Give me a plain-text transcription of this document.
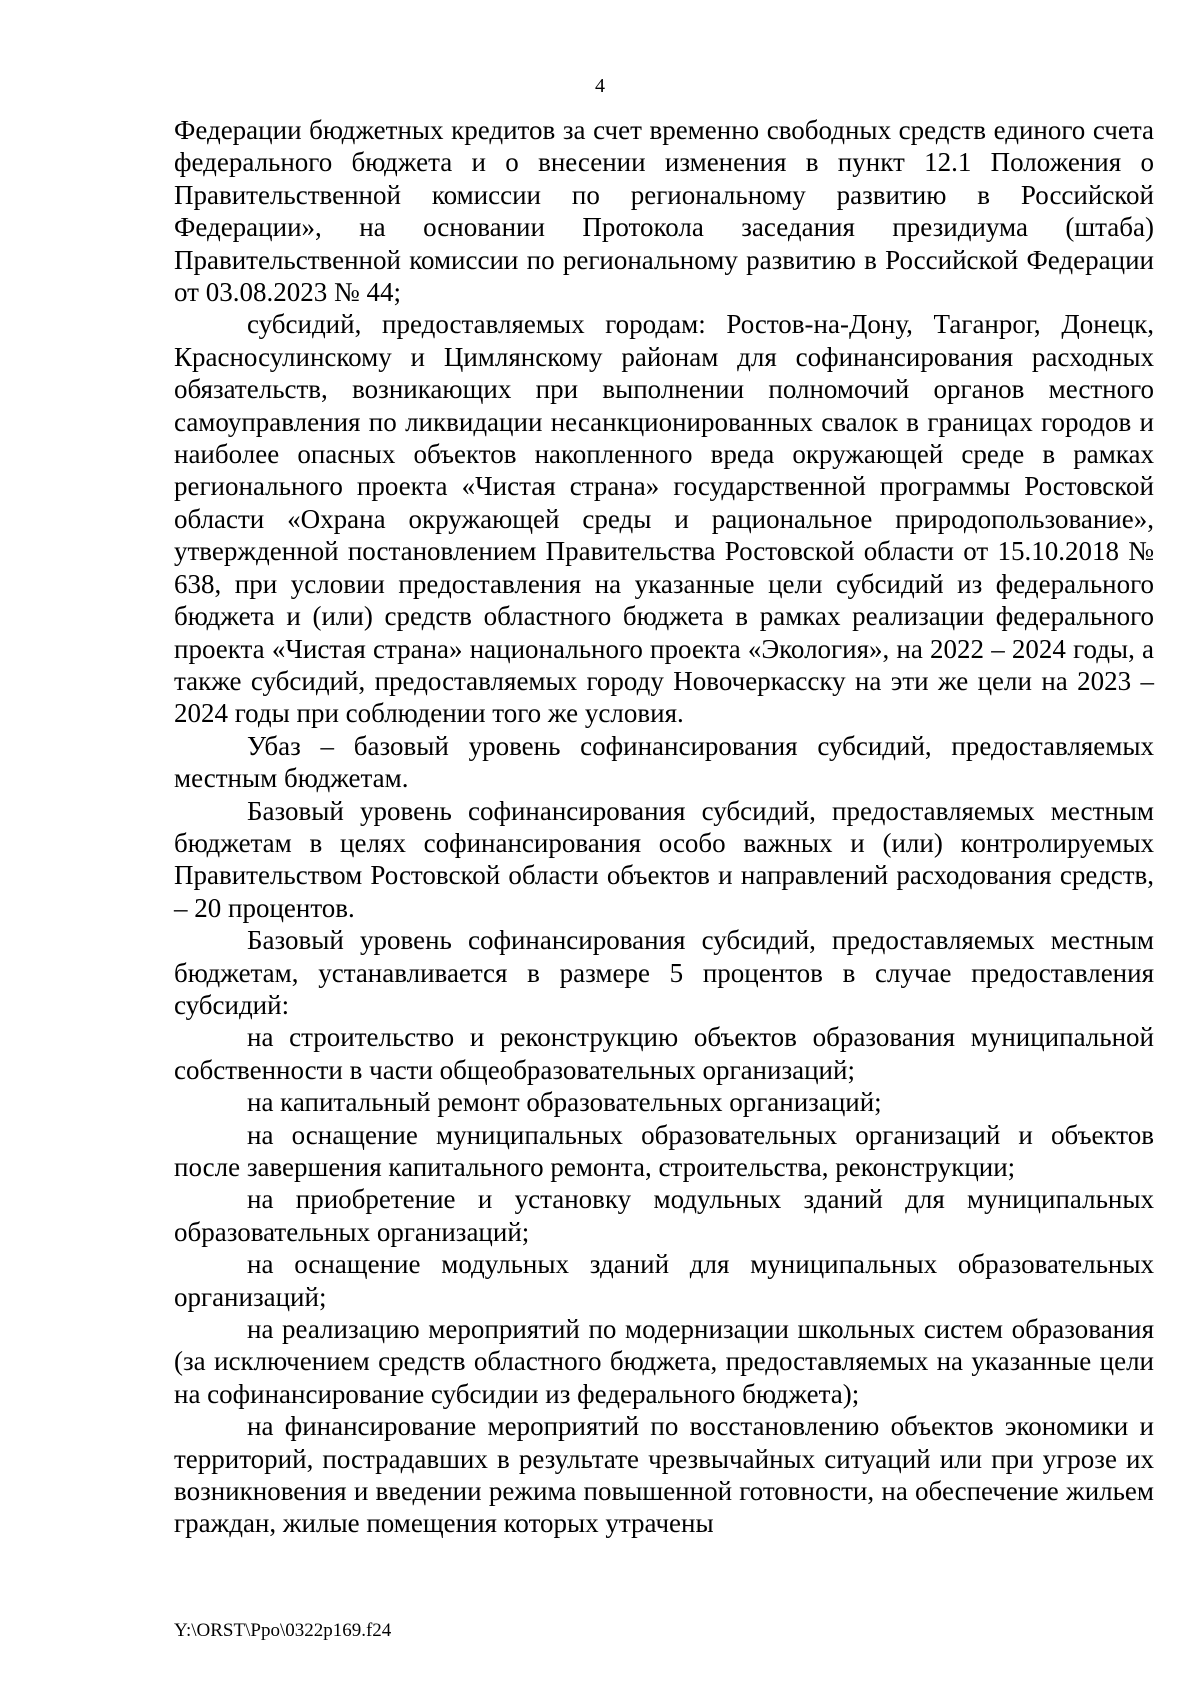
4

Федерации бюджетных кредитов за счет временно свободных средств единого счета федерального бюджета и о внесении изменения в пункт 12.1 Положения о Правительственной комиссии по региональному развитию в Российской Федерации», на основании Протокола заседания президиума (штаба) Правительственной комиссии по региональному развитию в Российской Федерации от 03.08.2023 № 44;

субсидий, предоставляемых городам: Ростов-на-Дону, Таганрог, Донецк, Красносулинскому и Цимлянскому районам для софинансирования расходных обязательств, возникающих при выполнении полномочий органов местного самоуправления по ликвидации несанкционированных свалок в границах городов и наиболее опасных объектов накопленного вреда окружающей среде в рамках регионального проекта «Чистая страна» государственной программы Ростовской области «Охрана окружающей среды и рациональное природопользование», утвержденной постановлением Правительства Ростовской области от 15.10.2018 № 638, при условии предоставления на указанные цели субсидий из федерального бюджета и (или) средств областного бюджета в рамках реализации федерального проекта «Чистая страна» национального проекта «Экология», на 2022 – 2024 годы, а также субсидий, предоставляемых городу Новочеркасску на эти же цели на 2023 – 2024 годы при соблюдении того же условия.

Убаз – базовый уровень софинансирования субсидий, предоставляемых местным бюджетам.

Базовый уровень софинансирования субсидий, предоставляемых местным бюджетам в целях софинансирования особо важных и (или) контролируемых Правительством Ростовской области объектов и направлений расходования средств, – 20 процентов.

Базовый уровень софинансирования субсидий, предоставляемых местным бюджетам, устанавливается в размере 5 процентов в случае предоставления субсидий:

на строительство и реконструкцию объектов образования муниципальной собственности в части общеобразовательных организаций;

на капитальный ремонт образовательных организаций;

на оснащение муниципальных образовательных организаций и объектов после завершения капитального ремонта, строительства, реконструкции;

на приобретение и установку модульных зданий для муниципальных образовательных организаций;

на оснащение модульных зданий для муниципальных образовательных организаций;

на реализацию мероприятий по модернизации школьных систем образования (за исключением средств областного бюджета, предоставляемых на указанные цели на софинансирование субсидии из федерального бюджета);

на финансирование мероприятий по восстановлению объектов экономики и территорий, пострадавших в результате чрезвычайных ситуаций или при угрозе их возникновения и введении режима повышенной готовности, на обеспечение жильем граждан, жилые помещения которых утрачены

Y:\ORST\Ppo\0322p169.f24
